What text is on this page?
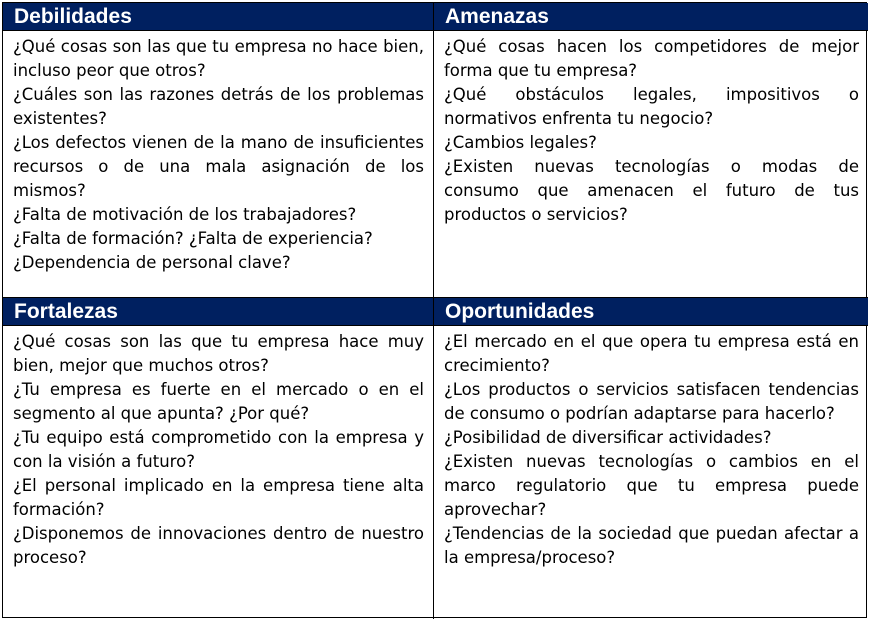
Debilidades

¿Qué cosas son las que tu empresa no hace bien, incluso peor que otros?

¿Cuáles son las razones detrás de los problemas existentes?

¿Los defectos vienen de la mano de insuficientes recursos o de una mala asignación de los mismos?

¿Falta de motivación de los trabajadores?

¿Falta de formación? ¿Falta de experiencia?

¿Dependencia de personal clave?

Amenazas

¿Qué cosas hacen los competidores de mejor forma que tu empresa?

¿Qué obstáculos legales, impositivos o normativos enfrenta tu negocio?

¿Cambios legales?

¿Existen nuevas tecnologías o modas de consumo que amenacen el futuro de tus productos o servicios?

Fortalezas

¿Qué cosas son las que tu empresa hace muy bien, mejor que muchos otros?

¿Tu empresa es fuerte en el mercado o en el segmento al que apunta? ¿Por qué?

¿Tu equipo está comprometido con la empresa y con la visión a futuro?

¿El personal implicado en la empresa tiene alta formación?

¿Disponemos de innovaciones dentro de nuestro proceso?

Oportunidades

¿El mercado en el que opera tu empresa está en crecimiento?

¿Los productos o servicios satisfacen tendencias de consumo o podrían adaptarse para hacerlo?

¿Posibilidad de diversificar actividades?

¿Existen nuevas tecnologías o cambios en el marco regulatorio que tu empresa puede aprovechar?

¿Tendencias de la sociedad que puedan afectar a la empresa/proceso?
